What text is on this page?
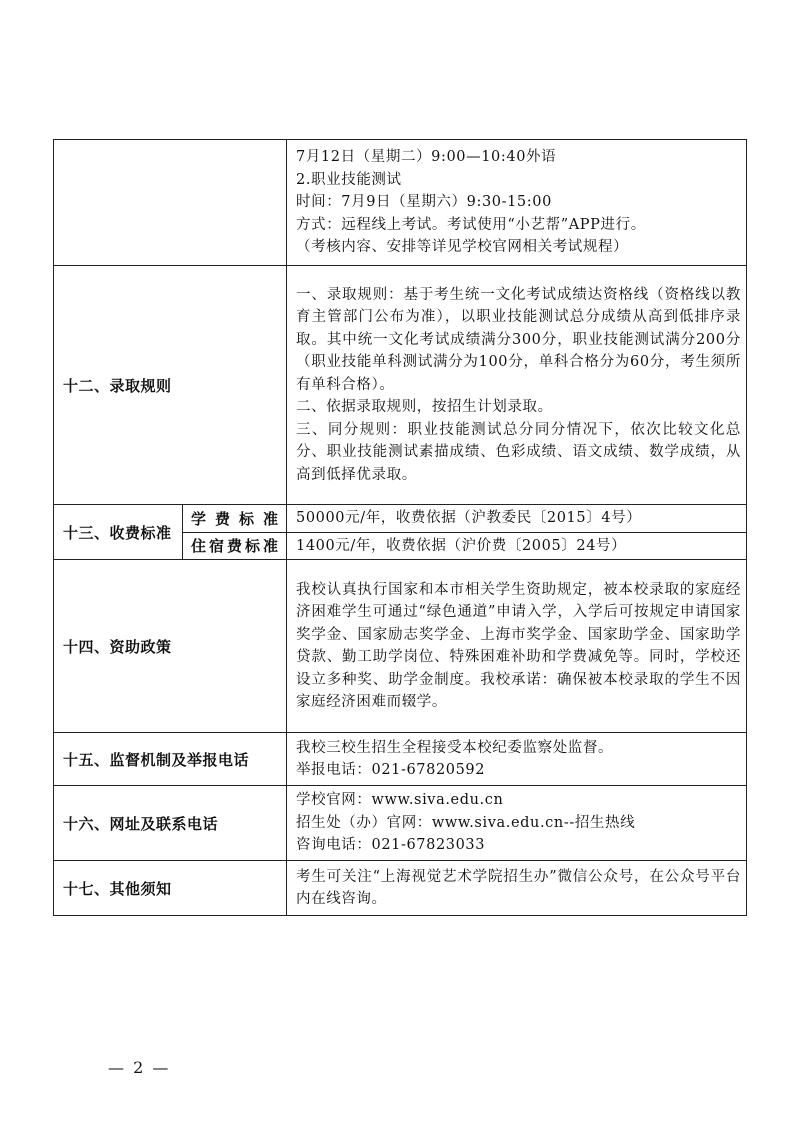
		7月12日（星期二）9:00—10:40外语
2.职业技能测试
时间：7月9日（星期六）9:30-15:00
方式：远程线上考试。考试使用“小艺帮”APP进行。
（考核内容、安排等详见学校官网相关考试规程）

十二、录取规则		一、录取规则：基于考生统一文化考试成绩达资格线（资格线以教育主管部门公布为准），以职业技能测试总分成绩从高到低排序录取。其中统一文化考试成绩满分300分，职业技能测试满分200分（职业技能单科测试满分为100分，单科合格分为60分，考生须所有单科合格）。
二、依据录取规则，按招生计划录取。
三、同分规则：职业技能测试总分同分情况下，依次比较文化总分、职业技能测试素描成绩、色彩成绩、语文成绩、数学成绩，从高到低择优录取。

十三、收费标准	学费标准	50000元/年，收费依据（沪教委民〔2015〕4号）
	住宿费标准	1400元/年，收费依据（沪价费〔2005〕24号）
十四、资助政策		我校认真执行国家和本市相关学生资助规定，被本校录取的家庭经济困难学生可通过“绿色通道”申请入学，入学后可按规定申请国家奖学金、国家励志奖学金、上海市奖学金、国家助学金、国家助学贷款、勤工助学岗位、特殊困难补助和学费减免等。同时，学校还设立多种奖、助学金制度。我校承诺：确保被本校录取的学生不因家庭经济困难而辍学。
十五、监督机制及举报电话		我校三校生招生全程接受本校纪委监察处监督。
举报电话：021-67820592

十六、网址及联系电话		学校官网：www.siva.edu.cn
招生处（办）官网：www.siva.edu.cn--招生热线
咨询电话：021-67823033

十七、其他须知		考生可关注“上海视觉艺术学院招生办”微信公众号，在公众号平台内在线咨询。
— 2 —
